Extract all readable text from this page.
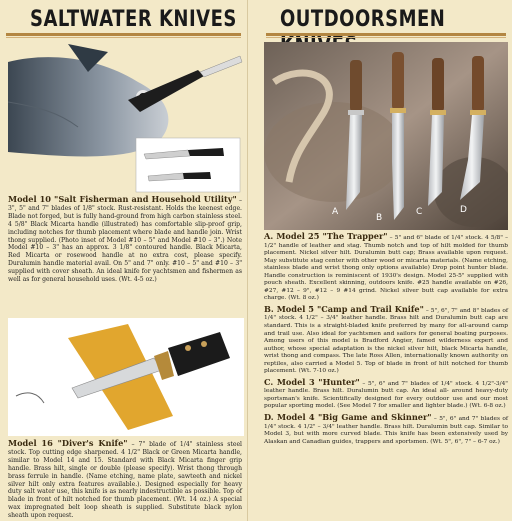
SALTWATER KNIVES
Model 10 "Salt Fisherman and Household Utility" – 3", 5" and 7" blades of 1/8" stock. Rust-resistant. Holds the keenest edge. Blade not forged, but is fully hand-ground from high carbon stainless steel. 4 5/8" Black Micarta handle (illustrated) has comfortable slip-proof grip, including notches for thumb placement where blade and handle join. Wrist thong supplied. (Photo inset of Model #10 – 5" and Model #10 – 3".) Note Model #10 – 3" has an approx. 3 1/8" contoured handle. Black Micarta, Red Micarta or rosewood handle at no extra cost, please specify. Duralumin handle material avail. On 5" and 7" only. #10 – 5" and #10 – 3" supplied with cover sheath. An ideal knife for yachtsmen and fishermen as well as for general household uses. (Wt. 4-5 oz.)
Model 16 "Diver's Knife" – 7" blade of 1/4" stainless steel stock. Top cutting edge sharpened. 4 1/2" Black or Green Micarta handle, similar to Model 14 and 15. Standard with Black Micarta finger grip handle. Brass hilt, single or double (please specify). Wrist thong through brass ferrule in handle. (Name etching, name plate, sawteeth and nickel silver hilt only extra features available.). Designed especially for heavy duty salt water use, this knife is as nearly indestructible as possible. Top of blade in front of hilt notched for thumb placement. (Wt. 14 oz.) A special wax impregnated belt loop sheath is supplied. Substitute black nylon sheath upon request.
OUTDOORSMEN
A
B
C	D
A. Model 25 "The Trapper" – 5" and 6" blade of 1/4" stock. 4 5/8" – 1/2" handle of leather and stag. Thumb notch and top of hilt molded for thumb placement. Nickel silver hilt. Duralumin butt cap; Brass available upon request. May substitute stag center with other wood or micarta materials. (Name etching, stainless blade and wrist thong only options available) Drop point hunter blade. Handle construction is reminiscent of 1930's design. Model 25-5" supplied with pouch sheath. Excellent skinning, outdoors knife. #25 handle available on #26, #27, #12 – 9", #12 – 9 #14 grind. Nickel silver butt cap available for extra charge. (Wt. 8 oz.)
B. Model 5 "Camp and Trail Knife" – 5", 6", 7" and 8" blades of 1/4" stock. 4 1/2" – 3/4" leather handle. Brass hilt and Duralumin butt cap are standard. This is a straight-bladed knife preferred by many for all-around camp and trail use. Also ideal for yachtsmen and sailors for general boating purposes. Among users of this model is Bradford Angier, famed wilderness expert and author, whose special adaptation is the nickel silver hilt, black Micarta handle, wrist thong and compass. The late Ross Allen, internationally known authority on reptiles, also carried a Model 5. Top of blade in front of hilt notched for thumb placement. (Wt. 7-10 oz.)
C. Model 3 "Hunter" – 5", 6" and 7" blades of 1/4" stock. 4 1/2"-3/4" leather handle. Brass hilt. Duralumin butt cap. An ideal all- around heavy-duty sportsman's knife. Scientifically designed for every outdoor use and our most popular sporting model. (See Model 7 for smaller and lighter blade.) (Wt. 6-8 oz.)
D. Model 4 "Big Game and Skinner" – 5", 6" and 7" blades of 1/4" stock. 4 1/2" – 3/4" leather handle. Brass hilt. Duralumin butt cap. Similar to Model 3, but with more curved blade. This knife has been extensively used by Alaskan and Canadian guides, trappers and sportsmen. (Wt. 5", 6", 7" – 6-7 oz.)
